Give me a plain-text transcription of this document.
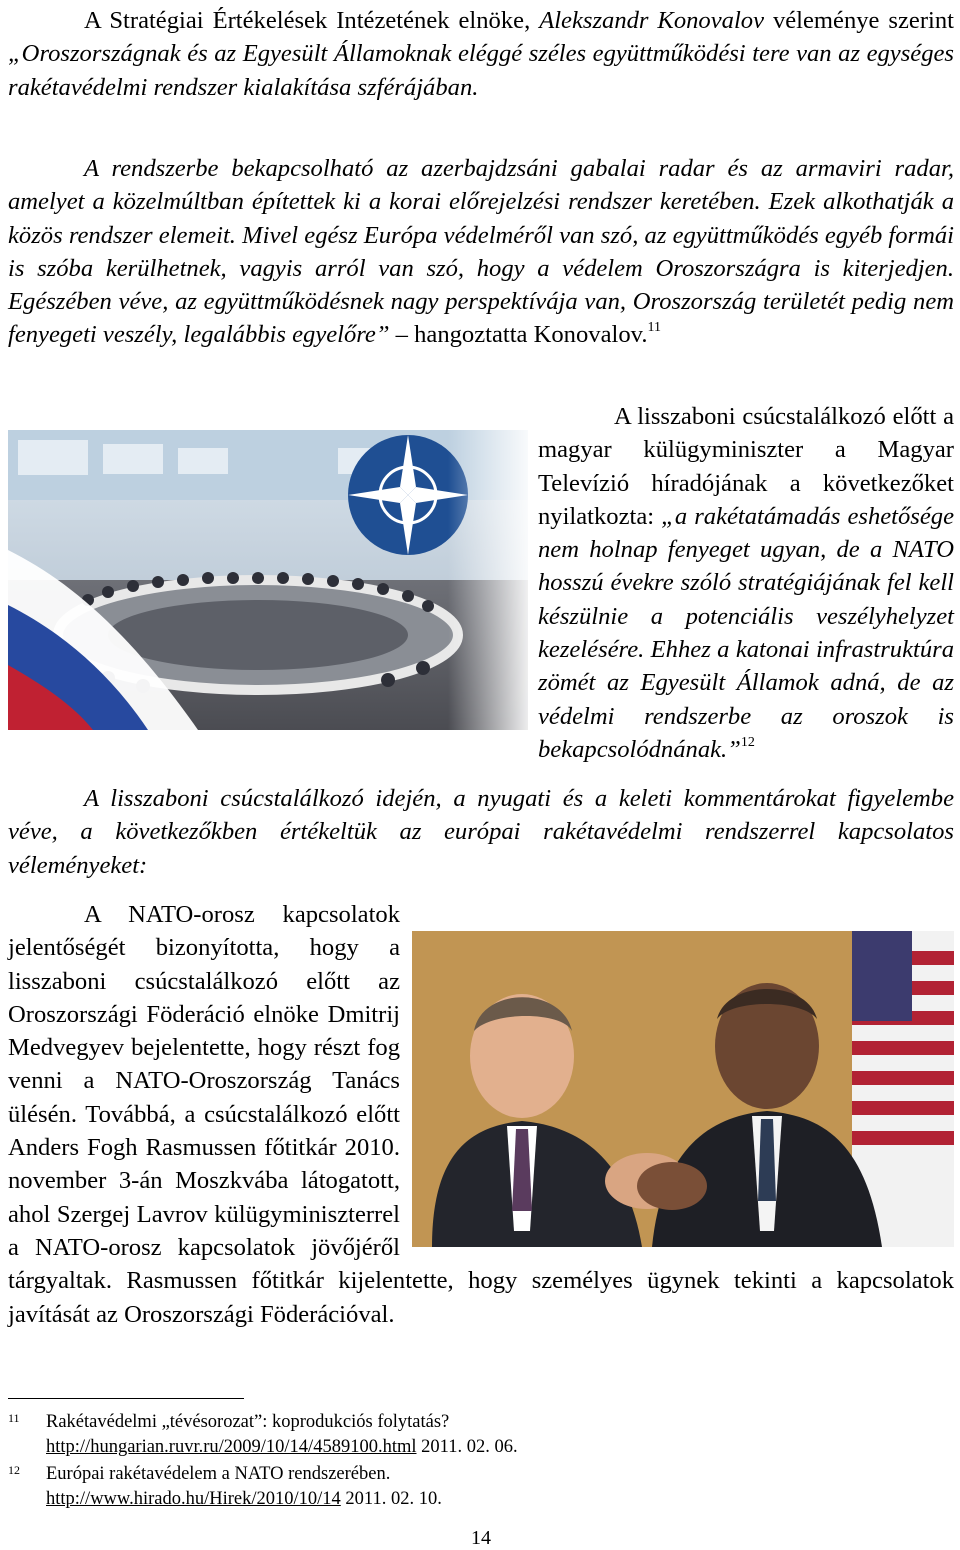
A Stratégiai Értékelések Intézetének elnöke, Alekszandr Konovalov véleménye szerint „Oroszországnak és az Egyesült Államoknak eléggé széles együttműködési tere van az egységes rakétavédelmi rendszer kialakítása szférájában.

A rendszerbe bekapcsolható az azerbajdzsáni gabalai radar és az armaviri radar, amelyet a közelmúltban építettek ki a korai előrejelzési rendszer keretében. Ezek alkothatják a közös rendszer elemeit. Mivel egész Európa védelméről van szó, az együttműködés egyéb formái is szóba kerülhetnek, vagyis arról van szó, hogy a védelem Oroszországra is kiterjedjen. Egészében véve, az együttműködésnek nagy perspektívája van, Oroszország területét pedig nem fenyegeti veszély, legalábbis egyelőre” – hangoztatta Konovalov.$^{11}$

A lisszaboni csúcstalálkozó előtt a magyar külügyminiszter a Magyar Televízió híradójának a következőket nyilatkozta: „a rakétatámadás eshetősége nem holnap fenyeget ugyan, de a NATO hosszú évekre szóló stratégiájának fel kell készülnie a potenciális veszélyhelyzet kezelésére. Ehhez a katonai infrastruktúra zömét az Egyesült Államok adná, de az védelmi rendszerbe az oroszok is bekapcsolódnának.”$^{12}$

A lisszaboni csúcstalálkozó idején, a nyugati és a keleti kommentárokat figyelembe véve, a következőkben értékeltük az európai rakétavédelmi rendszerrel kapcsolatos véleményeket:

A NATO-orosz kapcsolatok jelentőségét bizonyította, hogy a lisszaboni csúcstalálkozó előtt az Oroszországi Föderáció elnöke Dmitrij Medvegyev bejelentette, hogy részt fog venni a NATO-Oroszország Tanács ülésén. Továbbá, a csúcstalálkozó előtt Anders Fogh Rasmussen főtitkár 2010. november 3-án Moszkvába látogatott, ahol Szergej Lavrov külügyminiszterrel a NATO-orosz kapcsolatok jövőjéről tárgyaltak. Rasmussen főtitkár kijelentette, hogy személyes ügynek tekinti a kapcsolatok javítását az Oroszországi Föderációval.

11 Rakétavédelmi „tévésorozat”: koprodukciós folytatás?
http://hungarian.ruvr.ru/2009/10/14/4589100.html 2011. 02. 06.
12 Európai rakétavédelem a NATO rendszerében.
http://www.hirado.hu/Hirek/2010/10/14 2011. 02. 10.
14
